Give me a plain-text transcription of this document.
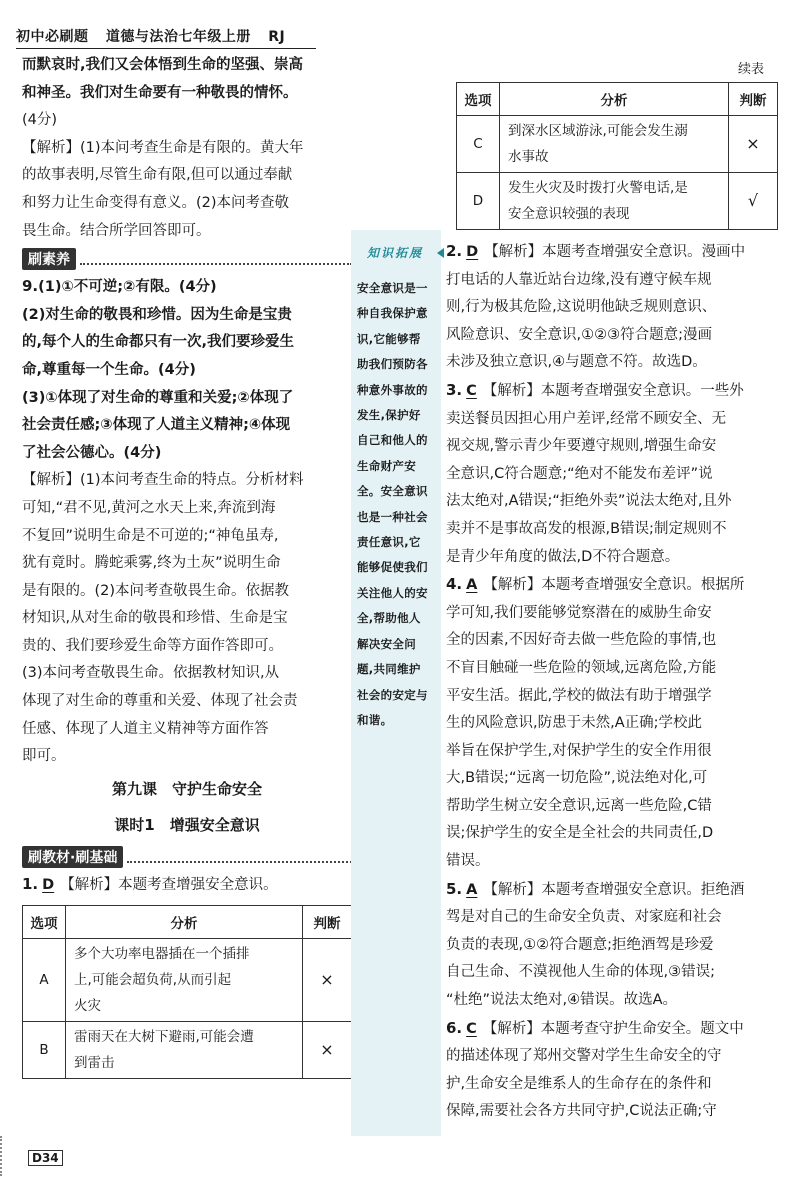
初中必刷题 道德与法治七年级上册 RJ
而默哀时,我们又会体悟到生命的坚强、崇高
和神圣。我们对生命要有一种敬畏的情怀。
(4分)
【解析】(1)本问考查生命是有限的。黄大年
的故事表明,尽管生命有限,但可以通过奉献
和努力让生命变得有意义。(2)本问考查敬
畏生命。结合所学回答即可。
刷素养
9.(1)①不可逆;②有限。(4分)
(2)对生命的敬畏和珍惜。因为生命是宝贵
的,每个人的生命都只有一次,我们要珍爱生
命,尊重每一个生命。(4分)
(3)①体现了对生命的尊重和关爱;②体现了
社会责任感;③体现了人道主义精神;④体现
了社会公德心。(4分)
【解析】(1)本问考查生命的特点。分析材料
可知,“君不见,黄河之水天上来,奔流到海
不复回”说明生命是不可逆的;“神龟虽寿,
犹有竟时。腾蛇乘雾,终为土灰”说明生命
是有限的。(2)本问考查敬畏生命。依据教
材知识,从对生命的敬畏和珍惜、生命是宝
贵的、我们要珍爱生命等方面作答即可。
(3)本问考查敬畏生命。依据教材知识,从
体现了对生命的尊重和关爱、体现了社会责
任感、体现了人道主义精神等方面作答
即可。
第九课　守护生命安全
课时1　增强安全意识
刷教材·刷基础
1. D 【解析】本题考查增强安全意识。
选项	分析	判断
A	多个大功率电器插在一个插排
上,可能会超负荷,从而引起
火灾	×
B	雷雨天在大树下避雨,可能会遭
到雷击	×
知识拓展
安全意识是一
种自我保护意
识,它能够帮
助我们预防各
种意外事故的
发生,保护好
自己和他人的
生命财产安
全。安全意识
也是一种社会
责任意识,它
能够促使我们
关注他人的安
全,帮助他人
解决安全问
题,共同维护
社会的安定与
和谐。
续表
选项	分析	判断
C	到深水区域游泳,可能会发生溺
水事故	×
D	发生火灾及时拨打火警电话,是
安全意识较强的表现	√
2. D 【解析】本题考查增强安全意识。漫画中
打电话的人靠近站台边缘,没有遵守候车规
则,行为极其危险,这说明他缺乏规则意识、
风险意识、安全意识,①②③符合题意;漫画
未涉及独立意识,④与题意不符。故选D。
3. C 【解析】本题考查增强安全意识。一些外
卖送餐员因担心用户差评,经常不顾安全、无
视交规,警示青少年要遵守规则,增强生命安
全意识,C符合题意;“绝对不能发布差评”说
法太绝对,A错误;“拒绝外卖”说法太绝对,且外
卖并不是事故高发的根源,B错误;制定规则不
是青少年角度的做法,D不符合题意。
4. A 【解析】本题考查增强安全意识。根据所
学可知,我们要能够觉察潜在的威胁生命安
全的因素,不因好奇去做一些危险的事情,也
不盲目触碰一些危险的领域,远离危险,方能
平安生活。据此,学校的做法有助于增强学
生的风险意识,防患于未然,A正确;学校此
举旨在保护学生,对保护学生的安全作用很
大,B错误;“远离一切危险”,说法绝对化,可
帮助学生树立安全意识,远离一些危险,C错
误;保护学生的安全是全社会的共同责任,D
错误。
5. A 【解析】本题考查增强安全意识。拒绝酒
驾是对自己的生命安全负责、对家庭和社会
负责的表现,①②符合题意;拒绝酒驾是珍爱
自己生命、不漠视他人生命的体现,③错误;
“杜绝”说法太绝对,④错误。故选A。
6. C 【解析】本题考查守护生命安全。题文中
的描述体现了郑州交警对学生生命安全的守
护,生命安全是维系人的生命存在的条件和
保障,需要社会各方共同守护,C说法正确;守
D34
